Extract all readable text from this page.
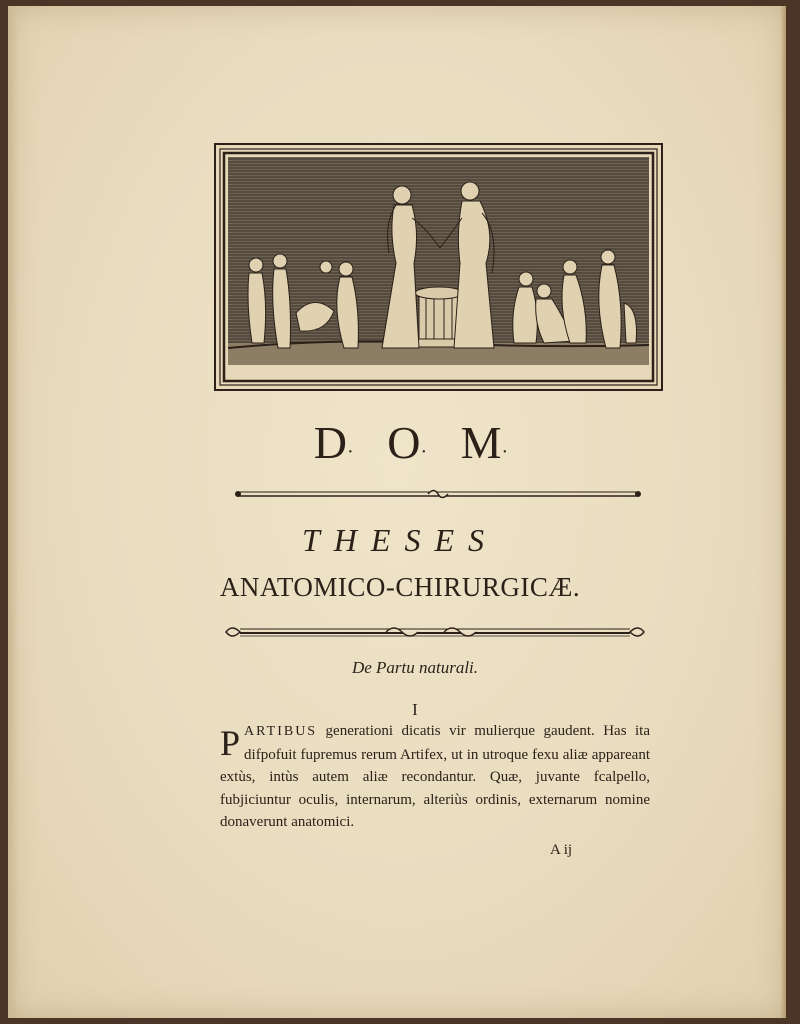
D· O· M·
THESES
ANATOMICO-CHIRURGICÆ.
De Partu naturali.
I
PARTIBUS generationi dicatis vir mulierque gaudent. Has ita difpofuit fupremus rerum Artifex, ut in utroque fexu aliæ appareant extùs, intùs autem aliæ recondantur. Quæ, juvante fcalpello, fubjiciuntur oculis, internarum, alteriùs ordinis, externarum nomine donaverunt anatomici.
A ij
